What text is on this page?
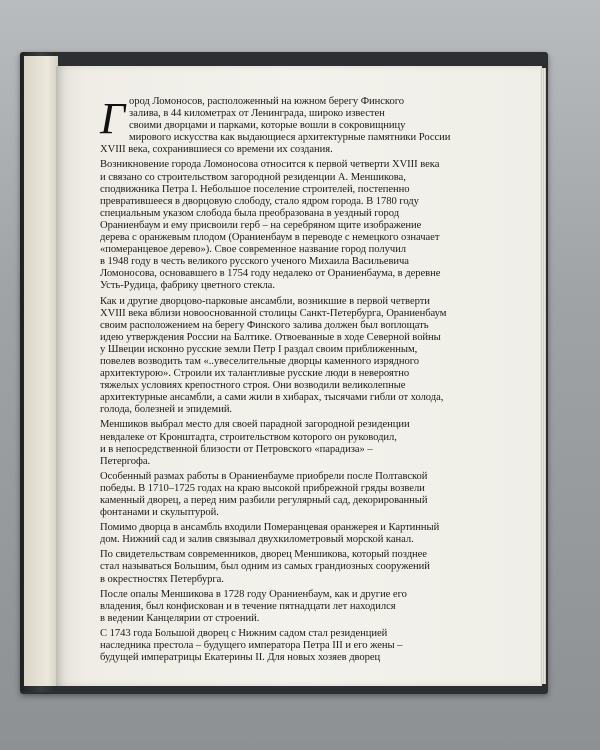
Город Ломоносов, расположенный на южном берегу Финского
залива, в 44 километрах от Ленинграда, широко известен
своими дворцами и парками, которые вошли в сокровищницу
мирового искусства как выдающиеся архитектурные памятники России
XVIII века, сохранившиеся со времени их создания.

Возникновение города Ломоносова относится к первой четверти XVIII века
и связано со строительством загородной резиденции А. Меншикова,
сподвижника Петра I. Небольшое поселение строителей, постепенно
превратившееся в дворцовую слободу, стало ядром города. В 1780 году
специальным указом слобода была преобразована в уездный город
Ораниенбаум и ему присвоили герб – на серебряном щите изображение
дерева с оранжевым плодом (Ораниенбаум в переводе с немецкого означает
«померанцевое дерево»). Свое современное название город получил
в 1948 году в честь великого русского ученого Михаила Васильевича
Ломоносова, основавшего в 1754 году недалеко от Ораниенбаума, в деревне
Усть-Рудица, фабрику цветного стекла.

Как и другие дворцово-парковые ансамбли, возникшие в первой четверти
XVIII века вблизи новооснованной столицы Санкт-Петербурга, Ораниенбаум
своим расположением на берегу Финского залива должен был воплощать
идею утверждения России на Балтике. Отвоеванные в ходе Северной войны
у Швеции исконно русские земли Петр I раздал своим приближенным,
повелев возводить там «..увеселительные дворцы каменного изрядного
архитектурою». Строили их талантливые русские люди в невероятно
тяжелых условиях крепостного строя. Они возводили великолепные
архитектурные ансамбли, а сами жили в хибарах, тысячами гибли от холода,
голода, болезней и эпидемий.

Меншиков выбрал место для своей парадной загородной резиденции
невдалеке от Кронштадта, строительством которого он руководил,
и в непосредственной близости от Петровского «парадиза» –
Петергофа.

Особенный размах работы в Ораниенбауме приобрели после Полтавской
победы. В 1710–1725 годах на краю высокой прибрежной гряды возвели
каменный дворец, а перед ним разбили регулярный сад, декорированный
фонтанами и скульптурой.

Помимо дворца в ансамбль входили Померанцевая оранжерея и Картинный
дом. Нижний сад и залив связывал двухкилометровый морской канал.

По свидетельствам современников, дворец Меншикова, который позднее
стал называться Большим, был одним из самых грандиозных сооружений
в окрестностях Петербурга.

После опалы Меншикова в 1728 году Ораниенбаум, как и другие его
владения, был конфискован и в течение пятнадцати лет находился
в ведении Канцелярии от строений.

С 1743 года Большой дворец с Нижним садом стал резиденцией
наследника престола – будущего императора Петра III и его жены –
будущей императрицы Екатерины II. Для новых хозяев дворец
